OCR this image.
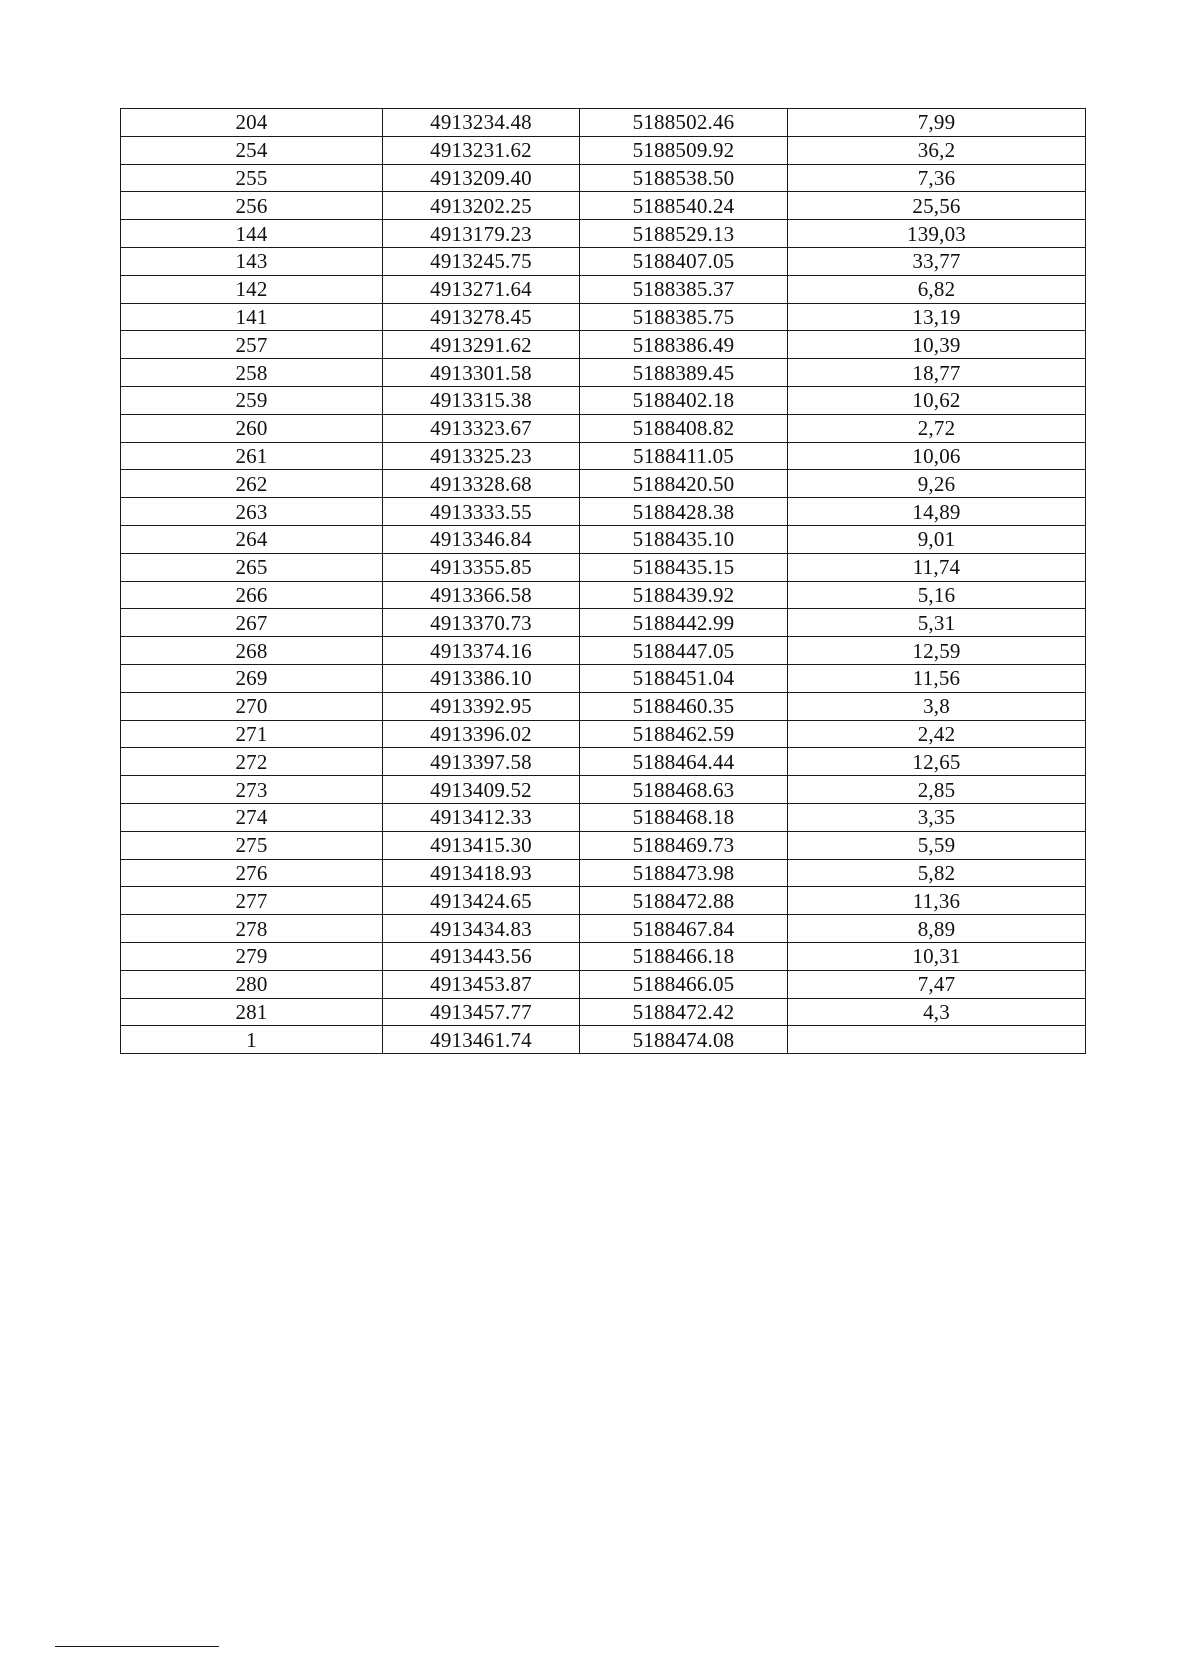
204	4913234.48	5188502.46	7,99
254	4913231.62	5188509.92	36,2
255	4913209.40	5188538.50	7,36
256	4913202.25	5188540.24	25,56
144	4913179.23	5188529.13	139,03
143	4913245.75	5188407.05	33,77
142	4913271.64	5188385.37	6,82
141	4913278.45	5188385.75	13,19
257	4913291.62	5188386.49	10,39
258	4913301.58	5188389.45	18,77
259	4913315.38	5188402.18	10,62
260	4913323.67	5188408.82	2,72
261	4913325.23	5188411.05	10,06
262	4913328.68	5188420.50	9,26
263	4913333.55	5188428.38	14,89
264	4913346.84	5188435.10	9,01
265	4913355.85	5188435.15	11,74
266	4913366.58	5188439.92	5,16
267	4913370.73	5188442.99	5,31
268	4913374.16	5188447.05	12,59
269	4913386.10	5188451.04	11,56
270	4913392.95	5188460.35	3,8
271	4913396.02	5188462.59	2,42
272	4913397.58	5188464.44	12,65
273	4913409.52	5188468.63	2,85
274	4913412.33	5188468.18	3,35
275	4913415.30	5188469.73	5,59
276	4913418.93	5188473.98	5,82
277	4913424.65	5188472.88	11,36
278	4913434.83	5188467.84	8,89
279	4913443.56	5188466.18	10,31
280	4913453.87	5188466.05	7,47
281	4913457.77	5188472.42	4,3
1	4913461.74	5188474.08	
